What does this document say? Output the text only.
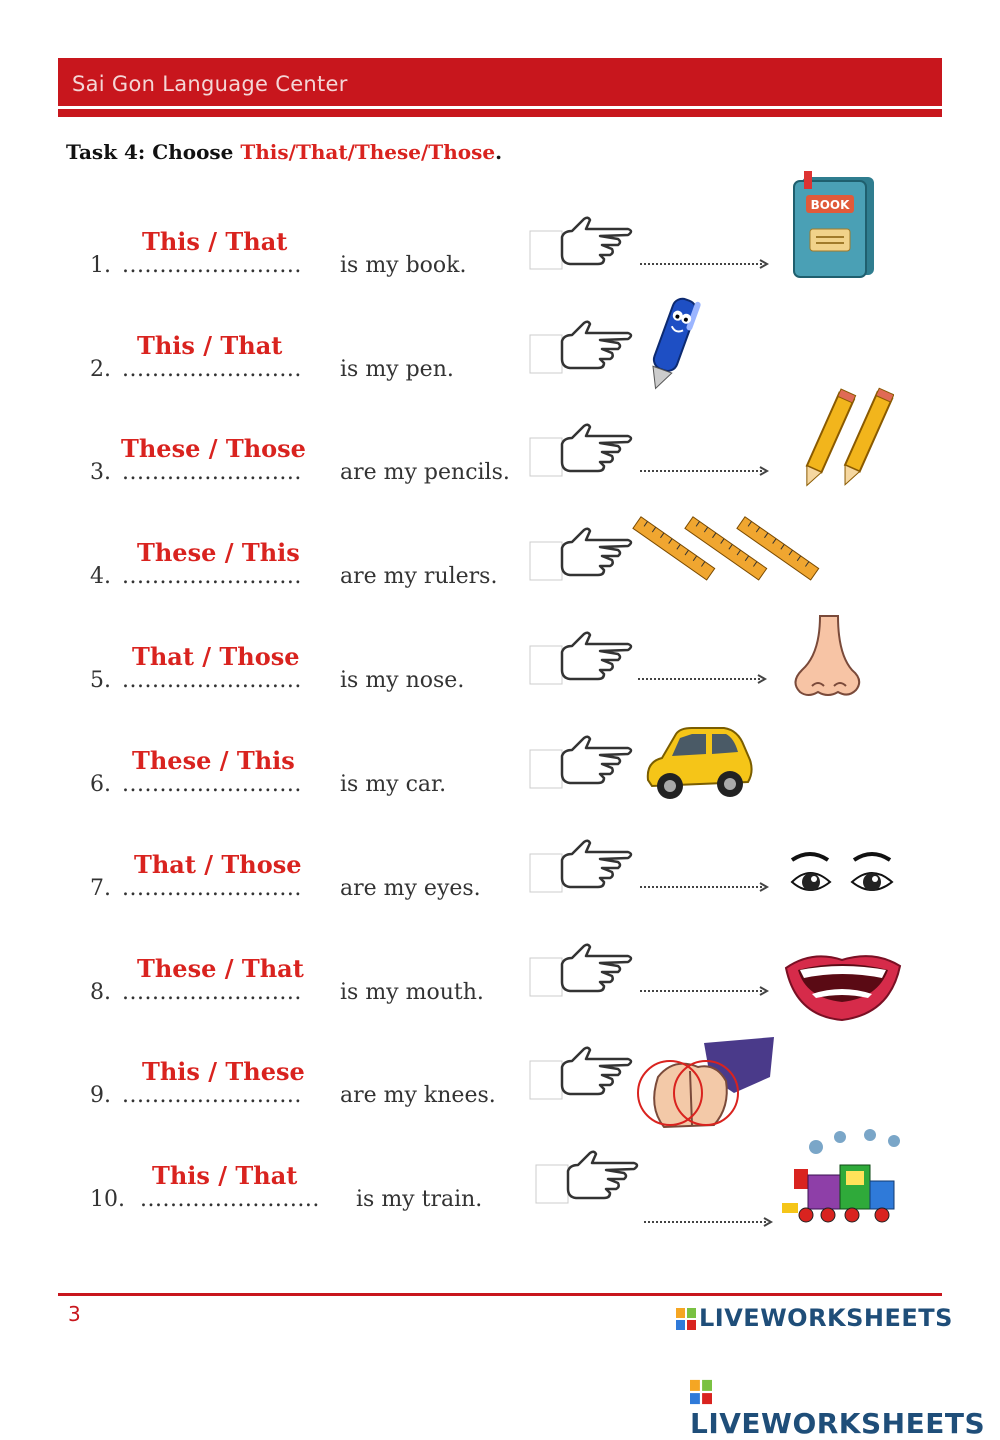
Sai Gon Language Center
Task 4: Choose This/That/These/Those.
1. ........................
This / That
is my book.
BOOK
2. ........................
This / That
is my pen.
3. ........................
These / Those
are my pencils.
4. ........................
These / This
are my rulers.
5. ........................
That / Those
is my nose.
6. ........................
These / This
is my car.
7. ........................
That / Those
are my eyes.
8. ........................
These / That
is my mouth.
9. ........................
This / These
are my knees.
10. ........................
This / That
is my train.
3	LIVEWORKSHEETS
LIVEWORKSHEETS
